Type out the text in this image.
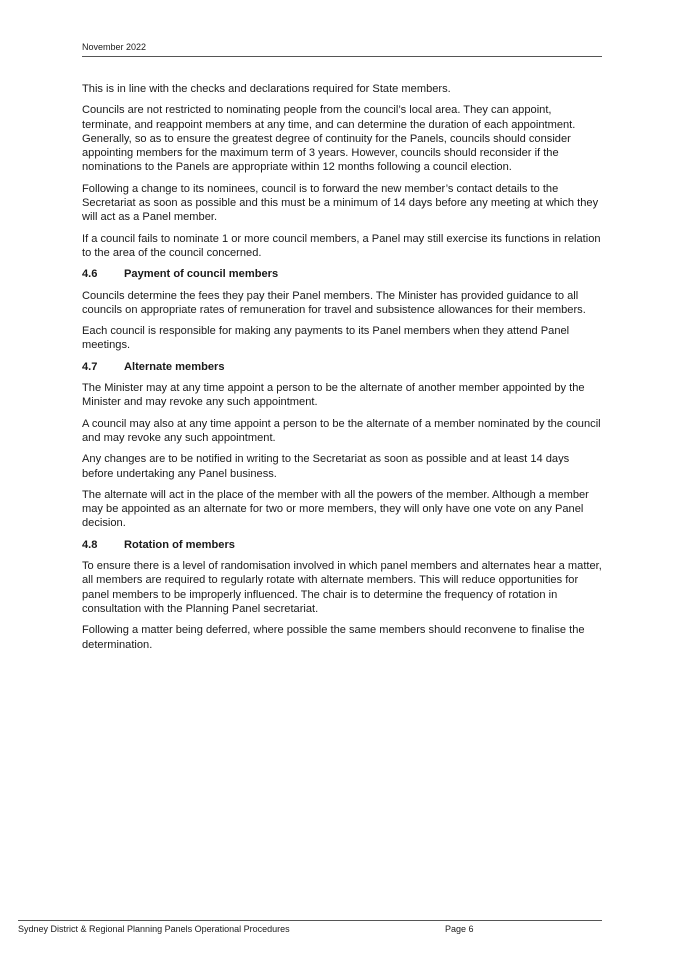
November 2022

This is in line with the checks and declarations required for State members.

Councils are not restricted to nominating people from the council’s local area. They can appoint, terminate, and reappoint members at any time, and can determine the duration of each appointment. Generally, so as to ensure the greatest degree of continuity for the Panels, councils should consider appointing members for the maximum term of 3 years. However, councils should reconsider if the nominations to the Panels are appropriate within 12 months following a council election.

Following a change to its nominees, council is to forward the new member’s contact details to the Secretariat as soon as possible and this must be a minimum of 14 days before any meeting at which they will act as a Panel member.

If a council fails to nominate 1 or more council members, a Panel may still exercise its functions in relation to the area of the council concerned.

4.6	Payment of council members

Councils determine the fees they pay their Panel members. The Minister has provided guidance to all councils on appropriate rates of remuneration for travel and subsistence allowances for their members.

Each council is responsible for making any payments to its Panel members when they attend Panel meetings.

4.7	Alternate members

The Minister may at any time appoint a person to be the alternate of another member appointed by the Minister and may revoke any such appointment.

A council may also at any time appoint a person to be the alternate of a member nominated by the council and may revoke any such appointment.

Any changes are to be notified in writing to the Secretariat as soon as possible and at least 14 days before undertaking any Panel business.

The alternate will act in the place of the member with all the powers of the member. Although a member may be appointed as an alternate for two or more members, they will only have one vote on any Panel decision.

4.8	Rotation of members

To ensure there is a level of randomisation involved in which panel members and alternates hear a matter, all members are required to regularly rotate with alternate members. This will reduce opportunities for panel members to be improperly influenced. The chair is to determine the frequency of rotation in consultation with the Planning Panel secretariat.

Following a matter being deferred, where possible the same members should reconvene to finalise the determination.

Sydney District & Regional Planning Panels Operational Procedures	Page 6
